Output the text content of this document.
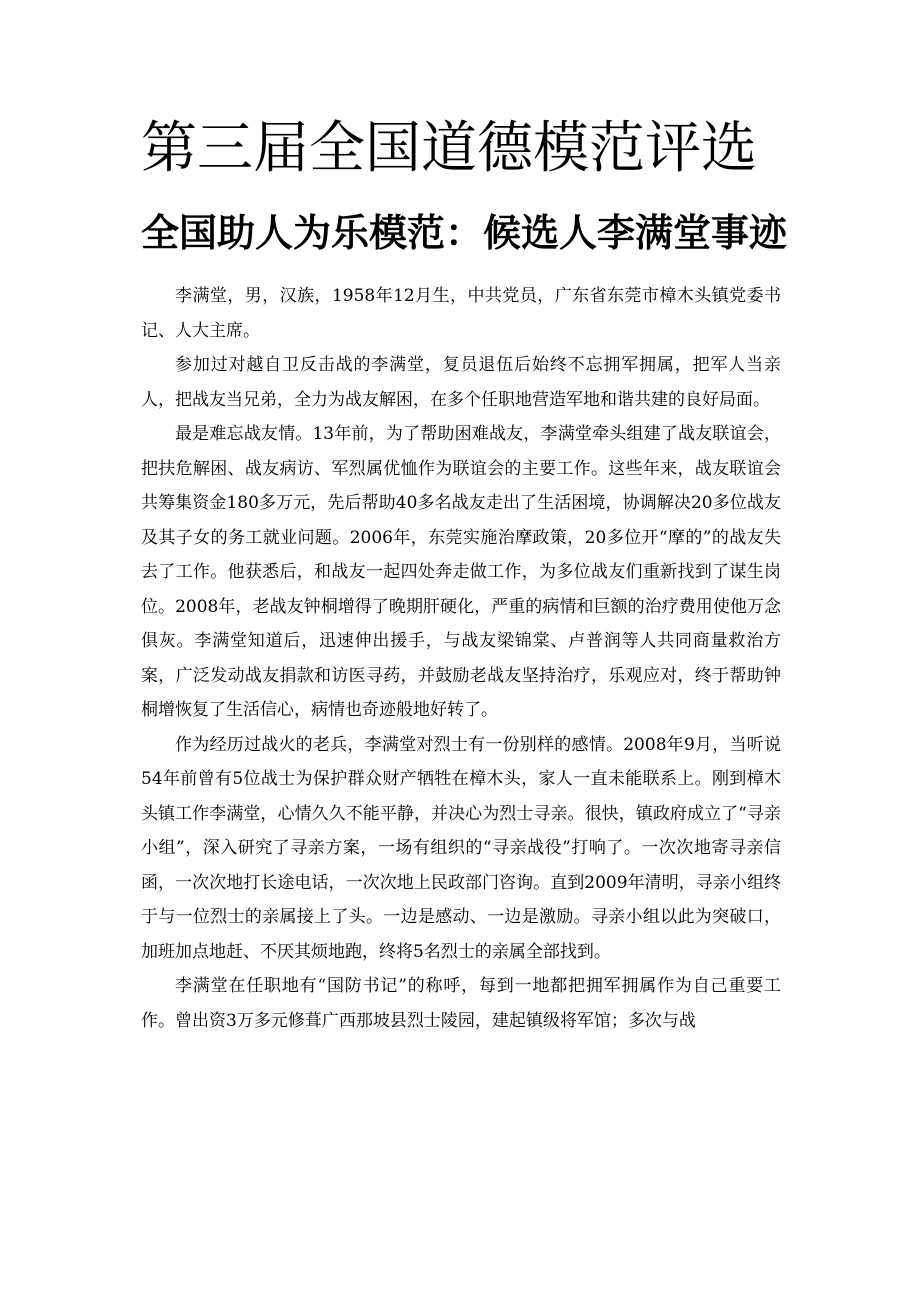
第三届全国道德模范评选
全国助人为乐模范：候选人李满堂事迹

李满堂，男，汉族，1958年12月生，中共党员，广东省东莞市樟木头镇党委书记、人大主席。

参加过对越自卫反击战的李满堂，复员退伍后始终不忘拥军拥属，把军人当亲人，把战友当兄弟，全力为战友解困，在多个任职地营造军地和谐共建的良好局面。

最是难忘战友情。13年前，为了帮助困难战友，李满堂牵头组建了战友联谊会，把扶危解困、战友病访、军烈属优恤作为联谊会的主要工作。这些年来，战友联谊会共筹集资金180多万元，先后帮助40多名战友走出了生活困境，协调解决20多位战友及其子女的务工就业问题。2006年，东莞实施治摩政策，20多位开“摩的”的战友失去了工作。他获悉后，和战友一起四处奔走做工作，为多位战友们重新找到了谋生岗位。2008年，老战友钟桐增得了晚期肝硬化，严重的病情和巨额的治疗费用使他万念俱灰。李满堂知道后，迅速伸出援手，与战友梁锦棠、卢普润等人共同商量救治方案，广泛发动战友捐款和访医寻药，并鼓励老战友坚持治疗，乐观应对，终于帮助钟桐增恢复了生活信心，病情也奇迹般地好转了。

作为经历过战火的老兵，李满堂对烈士有一份别样的感情。2008年9月，当听说54年前曾有5位战士为保护群众财产牺牲在樟木头，家人一直未能联系上。刚到樟木头镇工作李满堂，心情久久不能平静，并决心为烈士寻亲。很快，镇政府成立了“寻亲小组”，深入研究了寻亲方案，一场有组织的“寻亲战役”打响了。一次次地寄寻亲信函，一次次地打长途电话，一次次地上民政部门咨询。直到2009年清明，寻亲小组终于与一位烈士的亲属接上了头。一边是感动、一边是激励。寻亲小组以此为突破口，加班加点地赶、不厌其烦地跑，终将5名烈士的亲属全部找到。

李满堂在任职地有“国防书记”的称呼，每到一地都把拥军拥属作为自己重要工作。曾出资3万多元修葺广西那坡县烈士陵园，建起镇级将军馆；多次与战
